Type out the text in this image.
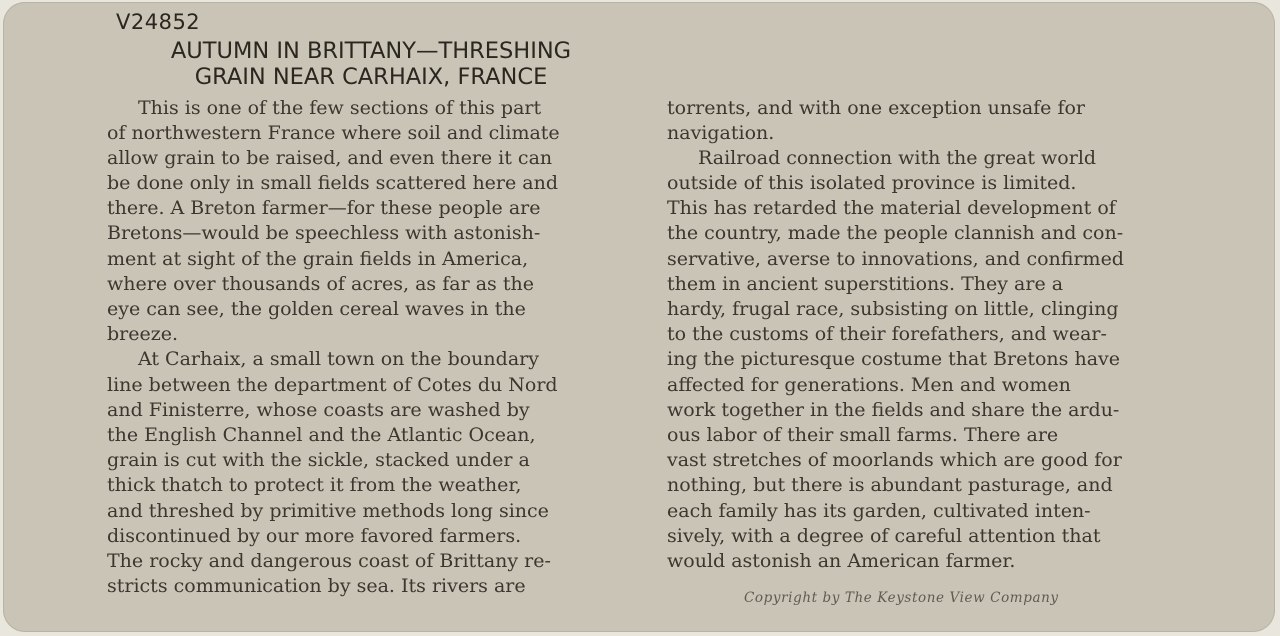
V24852

AUTUMN IN BRITTANY—THRESHING
GRAIN NEAR CARHAIX, FRANCE

This is one of the few sections of this part

of northwestern France where soil and climate

allow grain to be raised, and even there it can

be done only in small fields scattered here and

there. A Breton farmer—for these people are

Bretons—would be speechless with astonish-

ment at sight of the grain fields in America,

where over thousands of acres, as far as the

eye can see, the golden cereal waves in the

breeze.

At Carhaix, a small town on the boundary

line between the department of Cotes du Nord

and Finisterre, whose coasts are washed by

the English Channel and the Atlantic Ocean,

grain is cut with the sickle, stacked under a

thick thatch to protect it from the weather,

and threshed by primitive methods long since

discontinued by our more favored farmers.

The rocky and dangerous coast of Brittany re-

stricts communication by sea. Its rivers are

torrents, and with one exception unsafe for

navigation.

Railroad connection with the great world

outside of this isolated province is limited.

This has retarded the material development of

the country, made the people clannish and con-

servative, averse to innovations, and confirmed

them in ancient superstitions. They are a

hardy, frugal race, subsisting on little, clinging

to the customs of their forefathers, and wear-

ing the picturesque costume that Bretons have

affected for generations. Men and women

work together in the fields and share the ardu-

ous labor of their small farms. There are

vast stretches of moorlands which are good for

nothing, but there is abundant pasturage, and

each family has its garden, cultivated inten-

sively, with a degree of careful attention that

would astonish an American farmer.

Copyright by The Keystone View Company
